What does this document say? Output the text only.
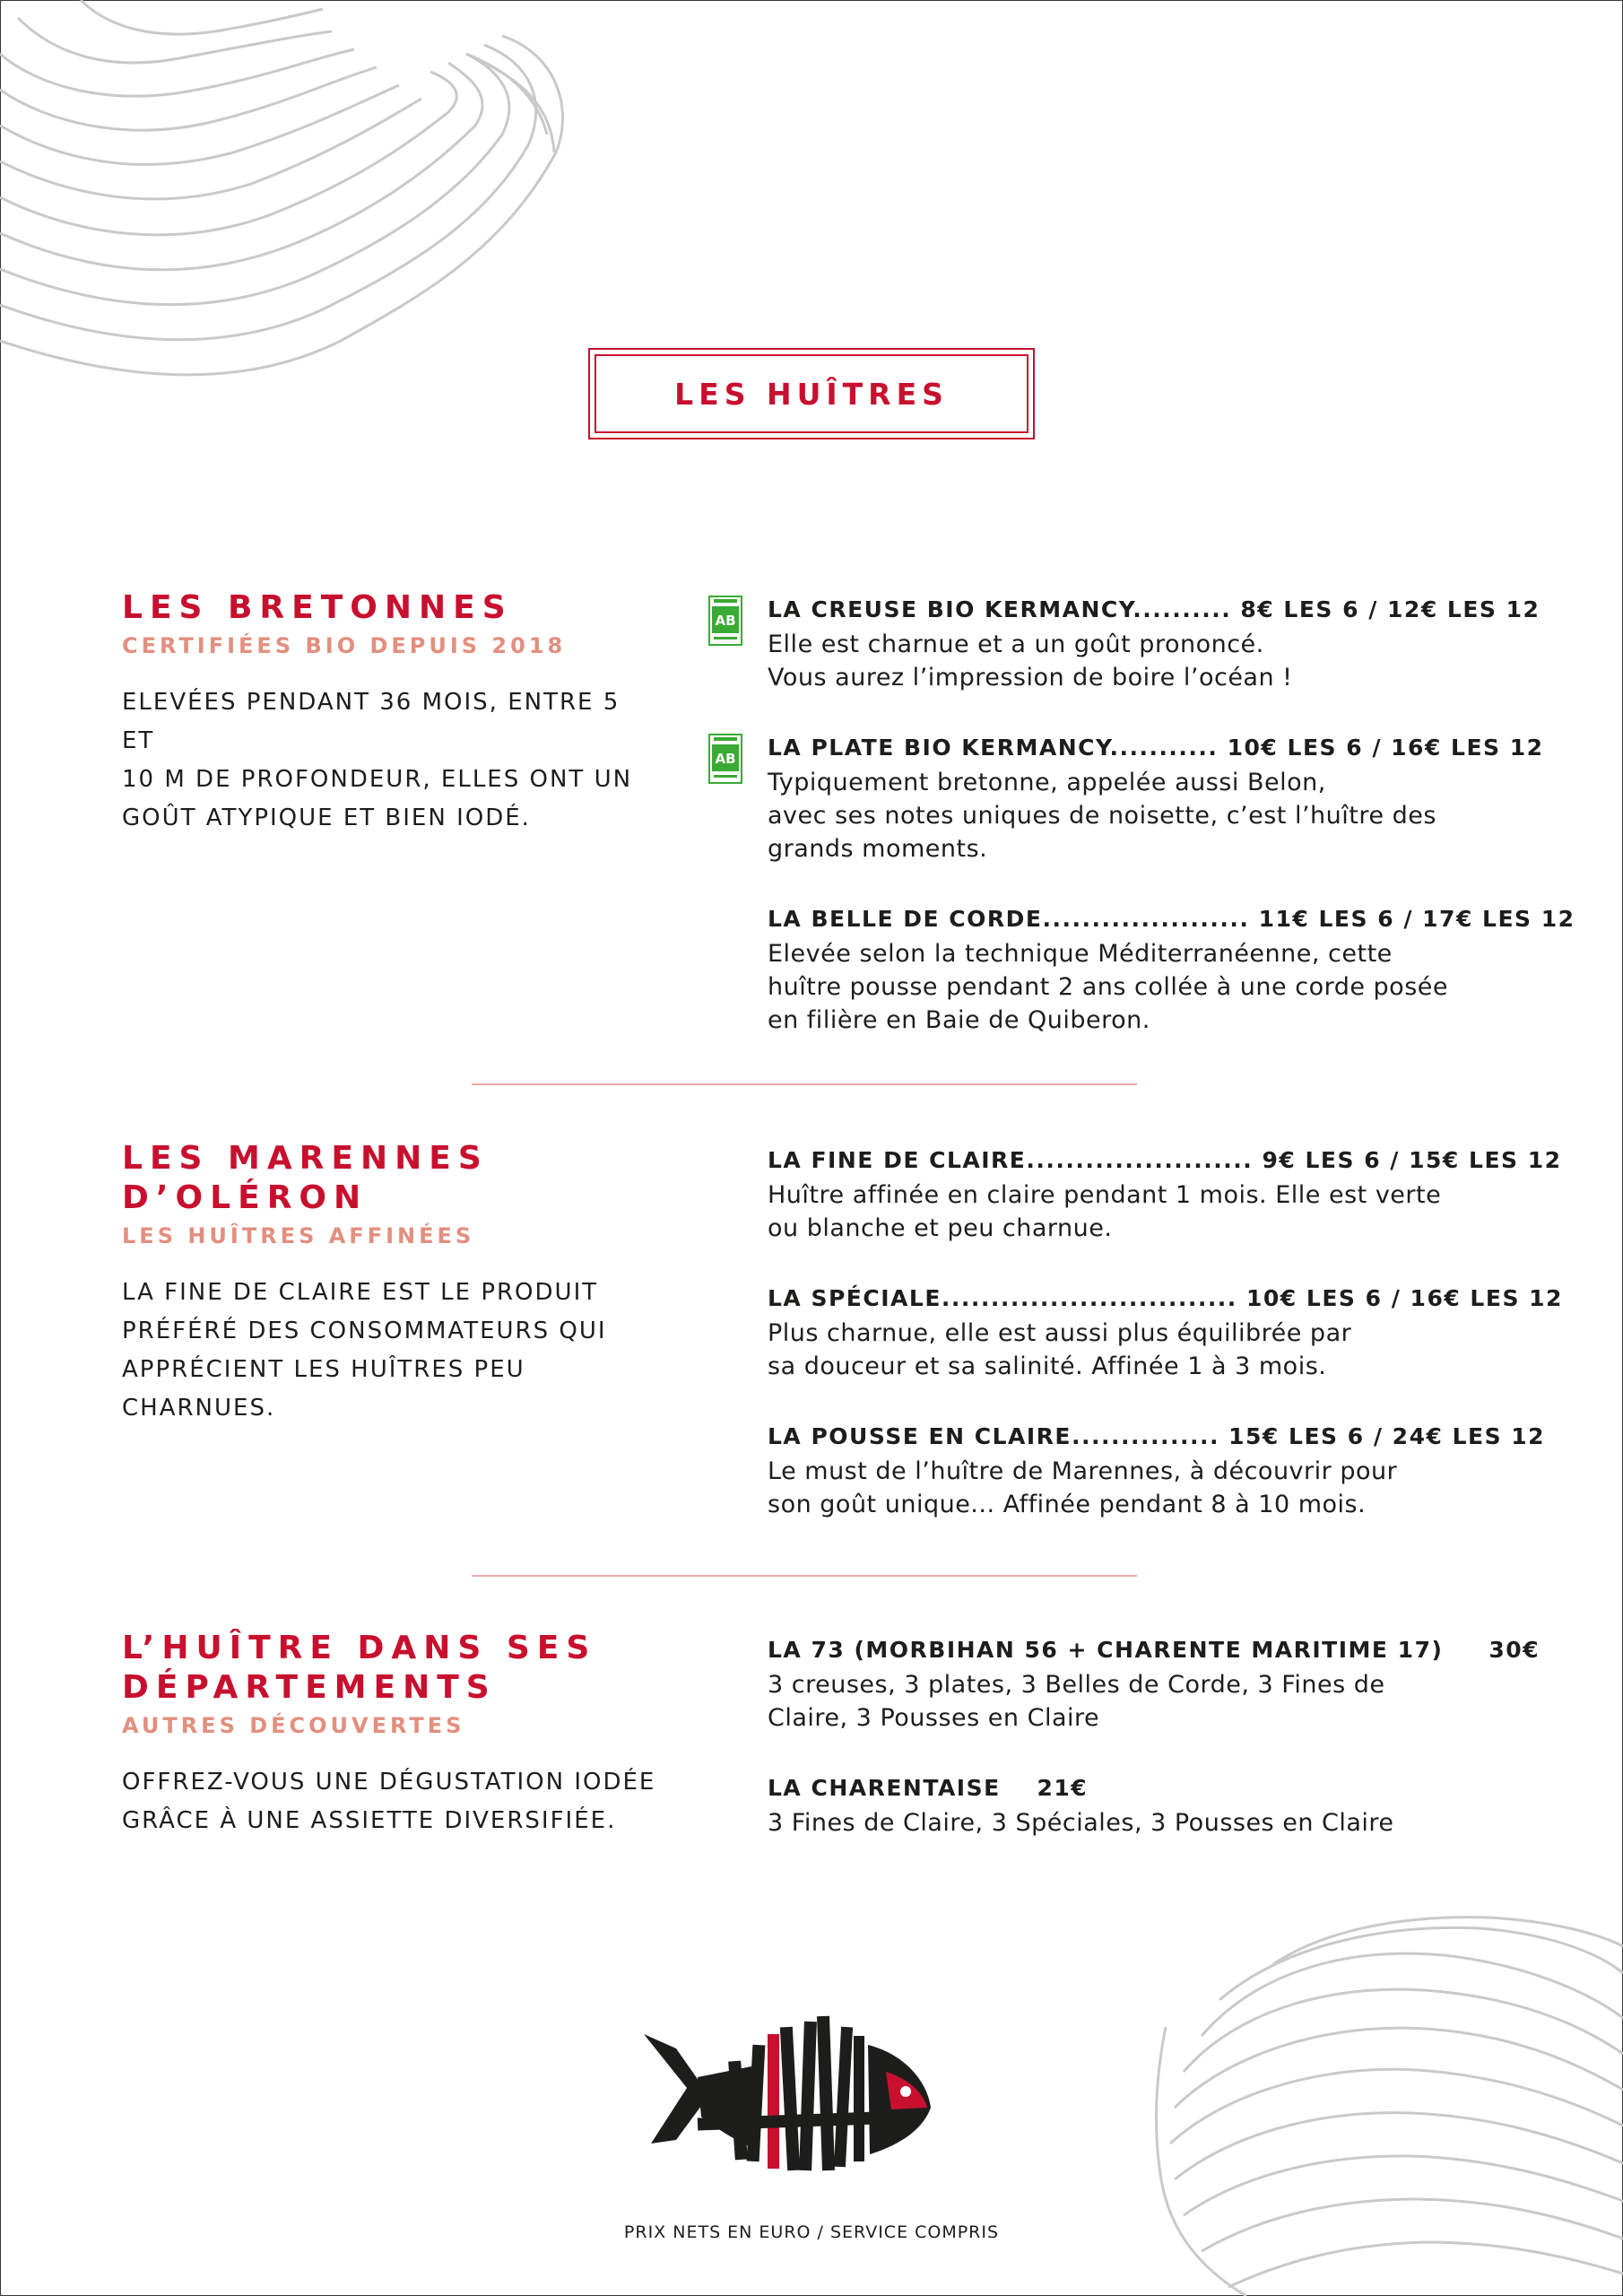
LES HUÎTRES
LES BRETONNES
CERTIFIÉES BIO DEPUIS 2018
ELEVÉES PENDANT 36 MOIS, ENTRE 5 ET
10 M DE PROFONDEUR, ELLES ONT UN
GOÛT ATYPIQUE ET BIEN IODÉ.
AB LA CREUSE BIO KERMANCY.......... 8€ LES 6 / 12€ LES 12
Elle est charnue et a un goût prononcé.
Vous aurez l’impression de boire l’océan !
AB LA PLATE BIO KERMANCY........... 10€ LES 6 / 16€ LES 12
Typiquement bretonne, appelée aussi Belon,
avec ses notes uniques de noisette, c’est l’huître des
grands moments.
LA BELLE DE CORDE..................... 11€ LES 6 / 17€ LES 12
Elevée selon la technique Méditerranéenne, cette
huître pousse pendant 2 ans collée à une corde posée
en filière en Baie de Quiberon.
LES MARENNES
D’OLÉRON
LES HUÎTRES AFFINÉES
LA FINE DE CLAIRE EST LE PRODUIT
PRÉFÉRÉ DES CONSOMMATEURS QUI
APPRÉCIENT LES HUÎTRES PEU
CHARNUES.
LA FINE DE CLAIRE....................... 9€ LES 6 / 15€ LES 12
Huître affinée en claire pendant 1 mois. Elle est verte
ou blanche et peu charnue.
LA SPÉCIALE.............................. 10€ LES 6 / 16€ LES 12
Plus charnue, elle est aussi plus équilibrée par
sa douceur et sa salinité. Affinée 1 à 3 mois.
LA POUSSE EN CLAIRE............... 15€ LES 6 / 24€ LES 12
Le must de l’huître de Marennes, à découvrir pour
son goût unique... Affinée pendant 8 à 10 mois.
L’HUÎTRE DANS SES
DÉPARTEMENTS
AUTRES DÉCOUVERTES
OFFREZ-VOUS UNE DÉGUSTATION IODÉE
GRÂCE À UNE ASSIETTE DIVERSIFIÉE.
LA 73 (MORBIHAN 56 + CHARENTE MARITIME 17)     30€
3 creuses, 3 plates, 3 Belles de Corde, 3 Fines de
Claire, 3 Pousses en Claire
LA CHARENTAISE    21€
3 Fines de Claire, 3 Spéciales, 3 Pousses en Claire
PRIX NETS EN EURO / SERVICE COMPRIS
